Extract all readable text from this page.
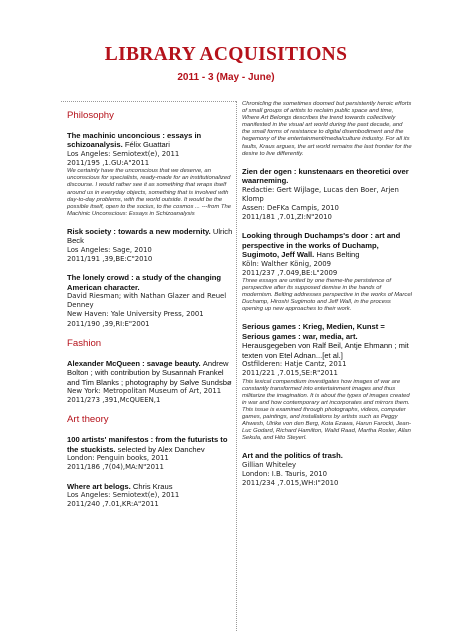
LIBRARY ACQUISITIONS
2011 - 3 (May - June)
Philosophy
The machinic unconcious : essays in schizoanalysis. Félix Guattari
Los Angeles: Semiotext(e), 2011
2011/195 ,1.GU:A"2011
We certainly have the unconscious that we deserve, an unconscious for specialists, ready-made for an institutionalized discourse. I would rather see it as something that wraps itself around us in everyday objects, something that is involved with day-to-day problems, with the world outside. It would be the possible itself, open to the socius, to the cosmos ... ---from The Machinic Unconscious: Essays in Schizoanalysis
Risk society : towards a new modernity. Ulrich Beck
Los Angeles: Sage, 2010
2011/191 ,39,BE:C"2010
The lonely crowd : a study of the changing American character.
David Riesman; with Nathan Glazer and Reuel Denney
New Haven: Yale University Press, 2001
2011/190 ,39,RI:E"2001
Fashion
Alexander McQueen : savage beauty. Andrew Bolton ; with contribution by Susannah Frankel and Tim Blanks ; photography by Sølve Sundsbø
New York: Metropolitan Museum of Art, 2011
2011/273 ,391,McQUEEN,1
Art theory
100 artists' manifestos : from the futurists to the stuckists. selected by Alex Danchev
London: Penguin books, 2011
2011/186 ,7(04),MA:N"2011
Where art belogs. Chris Kraus
Los Angeles: Semiotext(e), 2011
2011/240 ,7.01,KR:A"2011
Chronicling the sometimes doomed but persistently heroic efforts of small groups of artists to reclaim public space and time, Where Art Belongs describes the trend towards collectively manifested in the visual art world during the past decade, and the small forms of resistance to digital disembodiment and the hegemony of the entertainment/media/culture industry. For all its faults, Kraus argues, the art world remains the last frontier for the desire to live differently.
Zien der ogen : kunstenaars en theoretici over waarneming.
Redactie: Gert Wijlage, Lucas den Boer, Arjen Klomp
Assen: DeFKa Campis, 2010
2011/181 ,7.01,ZI:N"2010
Looking through Duchamps's door : art and perspective in the works of Duchamp, Sugimoto, Jeff Wall. Hans Belting
Köln: Walther König, 2009
2011/237 ,7.049,BE:L"2009
Three essays are united by one theme-the persistence of perspective after its supposed demise in the hands of modernism. Belting addresses perspective in the works of Marcel Duchamp, Hiroshi Sugimoto and Jeff Wall, in the process opening up new approaches to their work.
Serious games : Krieg, Medien, Kunst = Serious games : war, media, art. Herausgegeben von Ralf Beil, Antje Ehmann ; mit texten von Etel Adnan...[et al.]
Ostfilderen: Hatje Cantz, 2011
2011/221 ,7.015,SE:R"2011
This lexical compendium investigates how images of war are constantly transformed into entertainment images and thus militarize the imagination. It is about the types of images created in war and how contemporary art incorporates and mirrors them. This issue is examined through photographs, videos, computer games, paintings, and installations by artists such as Peggy Ahwesh, Ulrike von den Berg, Kota Ezawa, Harun Farocki, Jean-Luc Godard, Richard Hamilton, Walid Raad, Martha Rosler, Allan Sekula, and Hito Steyerl.
Art and the politics of trash.
Gillian Whiteley
London: I.B. Tauris, 2010
2011/234 ,7.015,WH:I"2010
